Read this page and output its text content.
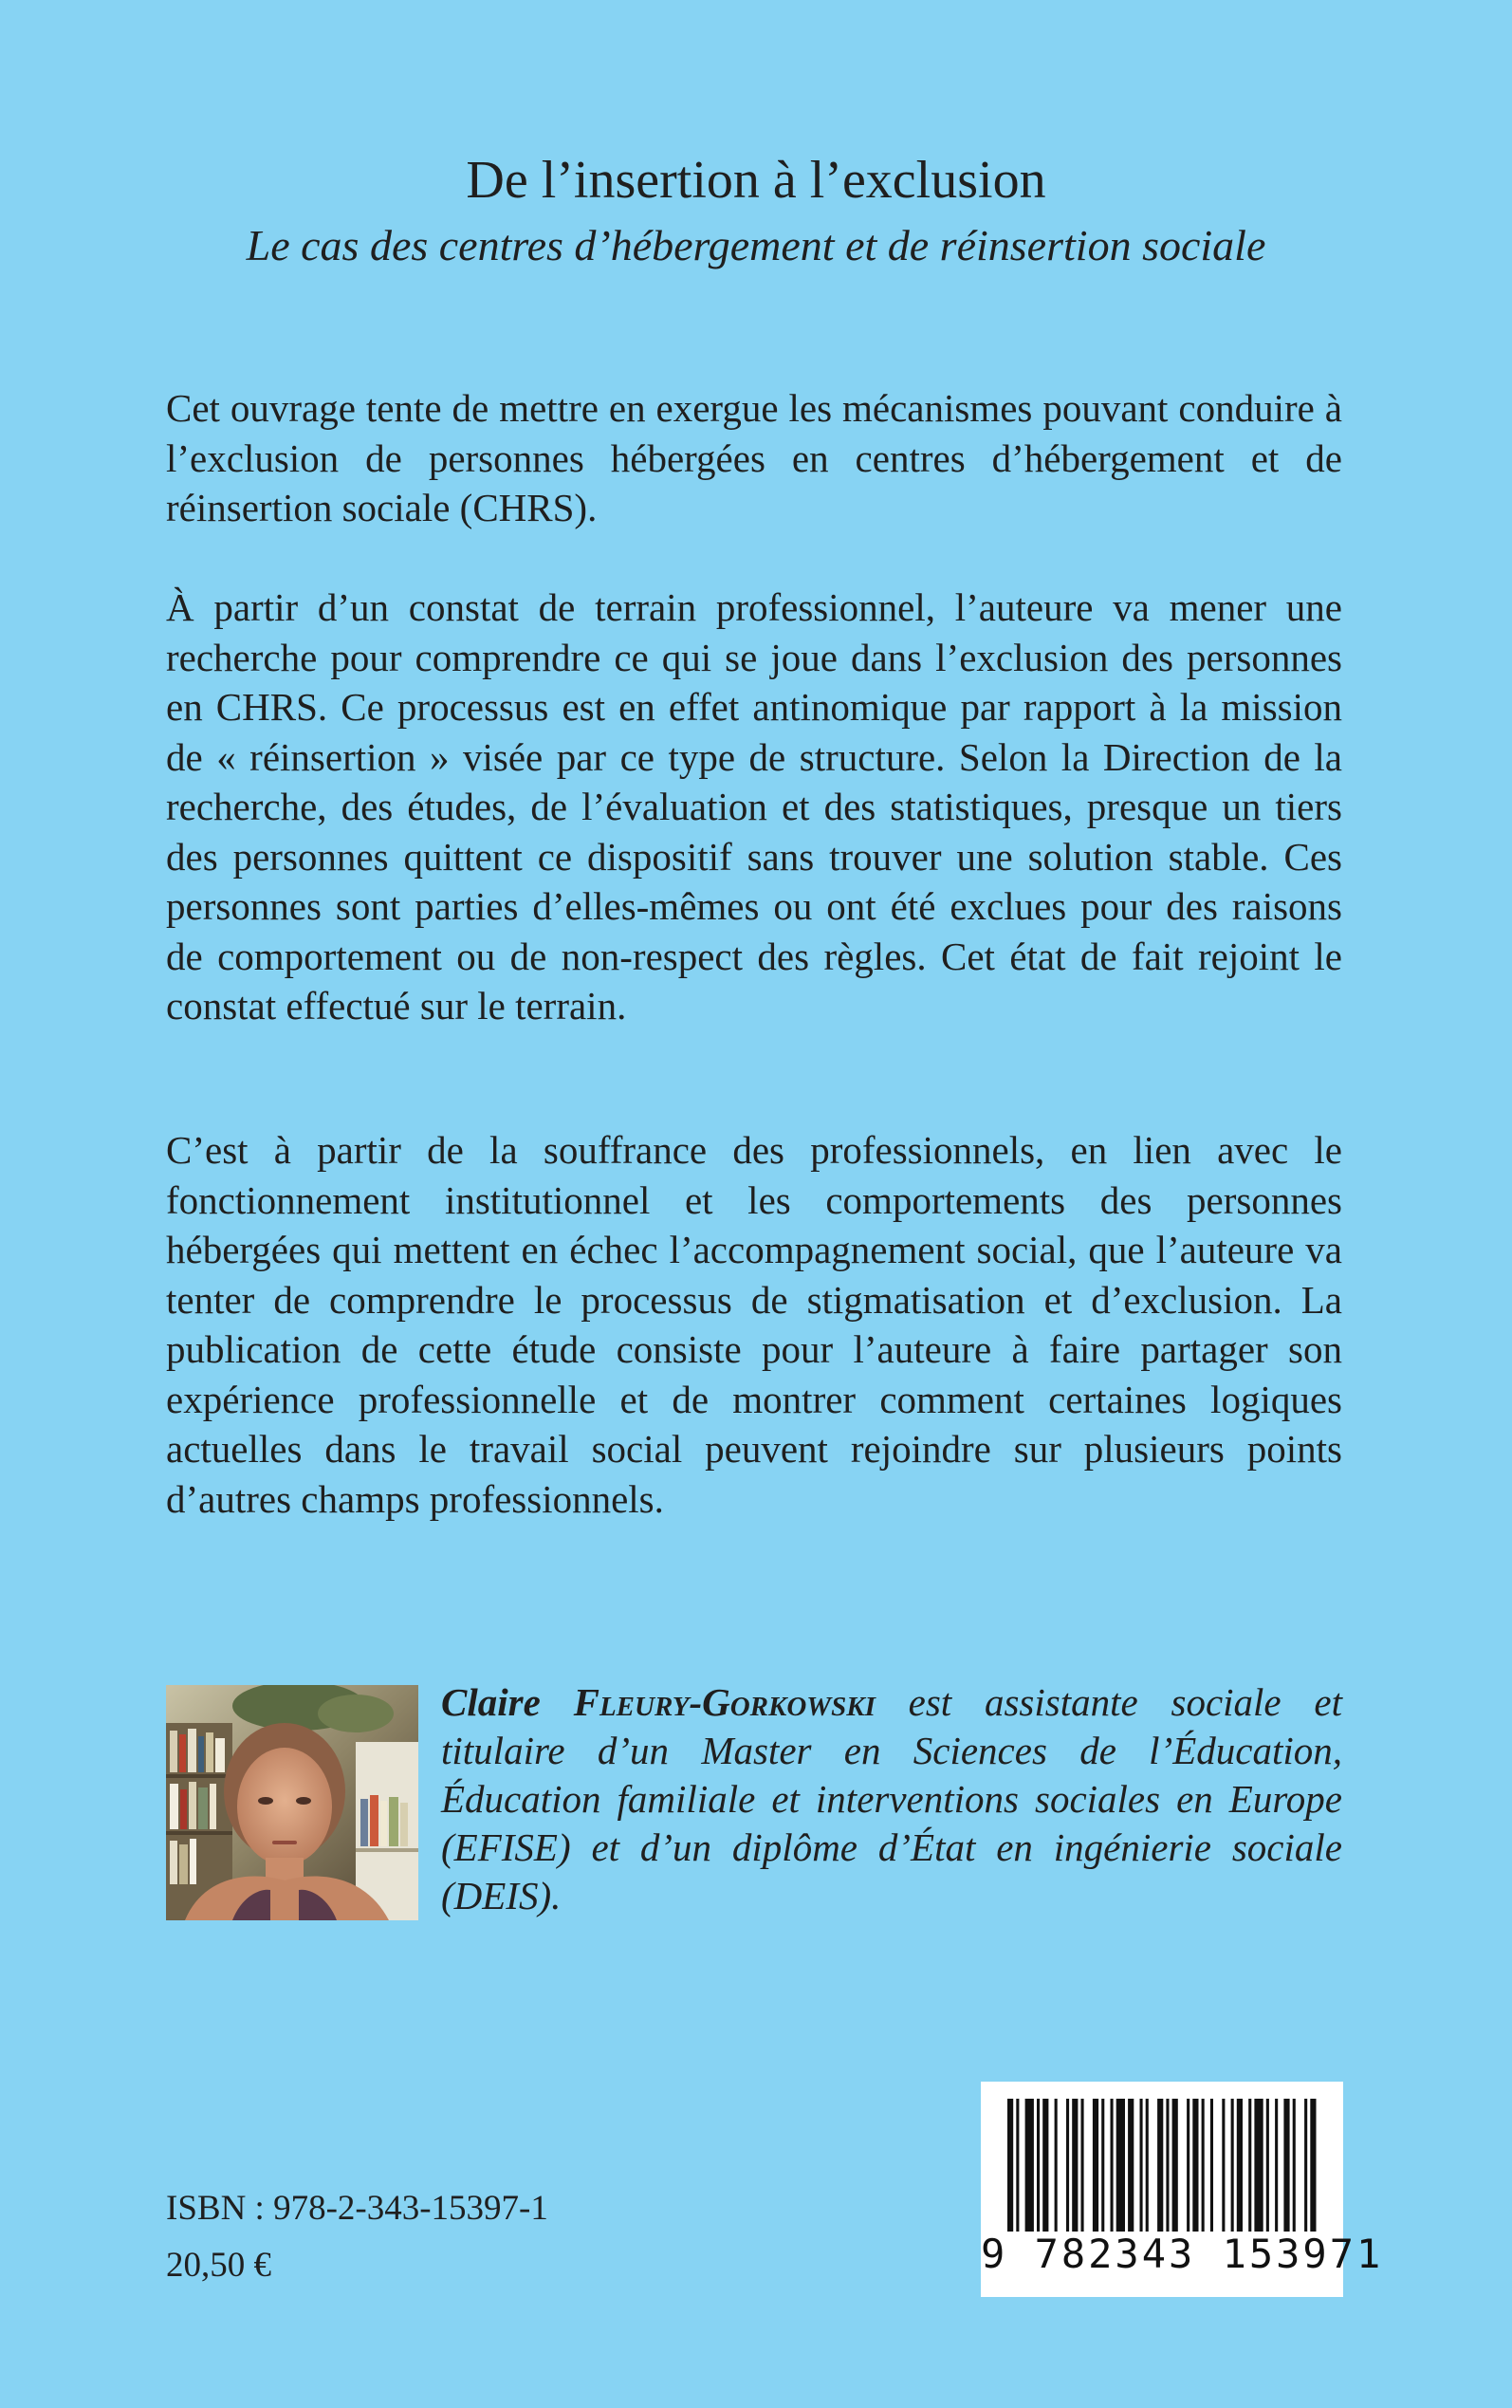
De l’insertion à l’exclusion
Le cas des centres d’hébergement et de réinsertion sociale

Cet ouvrage tente de mettre en exergue les mécanismes pouvant conduire à l’exclusion de personnes hébergées en centres d’hébergement et de réinsertion sociale (CHRS).

À partir d’un constat de terrain professionnel, l’auteure va mener une recherche pour comprendre ce qui se joue dans l’exclusion des personnes en CHRS. Ce processus est en effet antinomique par rapport à la mission de « réinsertion » visée par ce type de structure. Selon la Direction de la recherche, des études, de l’évaluation et des statistiques, presque un tiers des personnes quittent ce dispositif sans trouver une solution stable. Ces personnes sont parties d’elles-mêmes ou ont été exclues pour des raisons de comportement ou de non-respect des règles. Cet état de fait rejoint le constat effectué sur le terrain.

C’est à partir de la souffrance des professionnels, en lien avec le fonctionnement institutionnel et les comportements des personnes hébergées qui mettent en échec l’accompagnement social, que l’auteure va tenter de comprendre le processus de stigmatisation et d’exclusion. La publication de cette étude consiste pour l’auteure à faire partager son expérience professionnelle et de montrer comment certaines logiques actuelles dans le travail social peuvent rejoindre sur plusieurs points d’autres champs professionnels.

Claire Fleury-Gorkowski est assistante sociale et titulaire d’un Master en Sciences de l’Éducation, Éducation familiale et interventions sociales en Europe (EFISE) et d’un diplôme d’État en ingénierie sociale (DEIS).
ISBN : 978-2-343-15397-1
20,50 €	9 782343 153971
